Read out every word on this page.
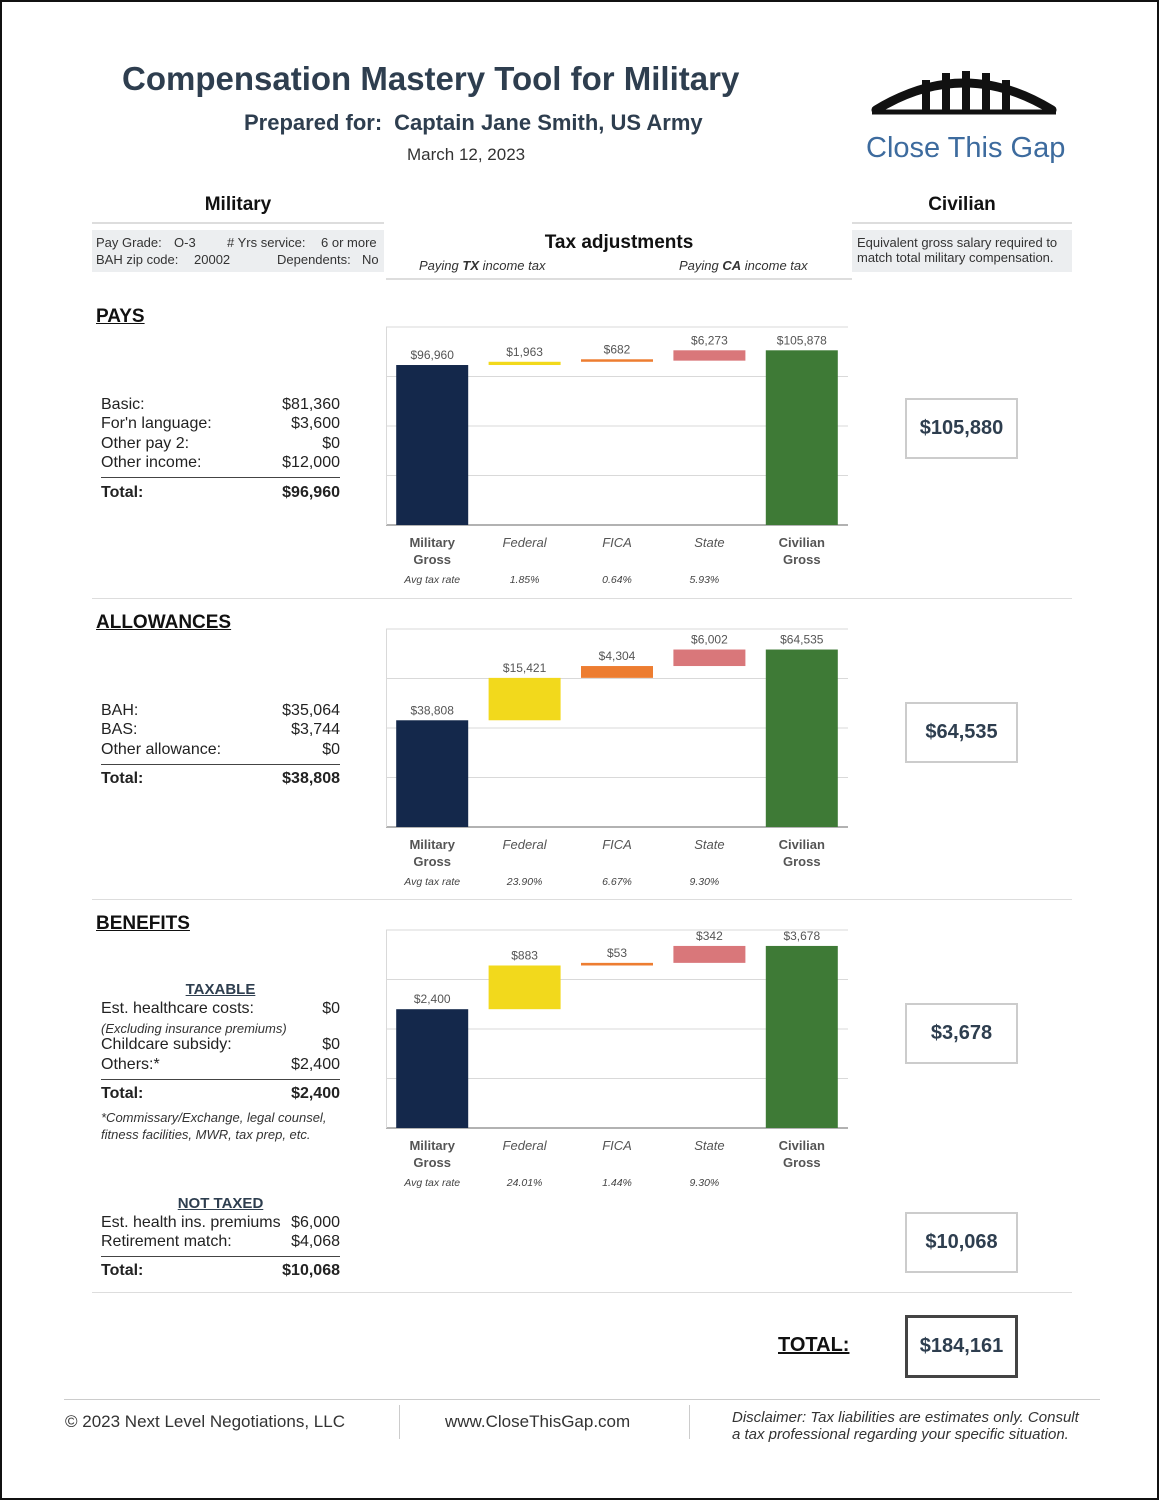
Compensation Mastery Tool for Military
Prepared for: Captain Jane Smith, US Army
March 12, 2023	Close This Gap
Military	Civilian
Pay Grade: O-3 # Yrs service: 6 or more
BAH zip code: 20002	Dependents: No
Tax adjustments
Paying TX income tax	Paying CA income tax
Equivalent gross salary required to
match total military compensation.
PAYS
Basic:	$81,360
For'n language:	$3,600
Other pay 2:	$0
Other income:	$12,000
Total:	$96,960
$96,960
Military
Gross
Avg tax rate
$1,963
Federal
1.85%
$682
FICA
0.64%
$6,273
State
5.93%
$105,878
Civilian
Gross
$105,880
ALLOWANCES
BAH:	$35,064
BAS:	$3,744
Other allowance:	$0
Total:	$38,808
$38,808
Military
Gross
Avg tax rate
$15,421
Federal
23.90%
$4,304
FICA
6.67%
$6,002
State
9.30%
$64,535
Civilian
Gross
$64,535
BENEFITS
TAXABLE
Est. healthcare costs:	$0
(Excluding insurance premiums)
Childcare subsidy:	$0
Others:*	$2,400
Total:	$2,400
*Commissary/Exchange, legal counsel,
fitness facilities, MWR, tax prep, etc.
$2,400
Military
Gross
Avg tax rate
$883
Federal
24.01%
$53
FICA
1.44%
$342
State
9.30%
$3,678
Civilian
Gross
$3,678
NOT TAXED
Est. health ins. premiums $6,000
Retirement match:	$4,068
Total:	$10,068
$10,068
TOTAL:	$184,161
© 2023 Next Level Negotiations, LLC	www.CloseThisGap.com	Disclaimer: Tax liabilities are estimates only. Consult
a tax professional regarding your specific situation.
